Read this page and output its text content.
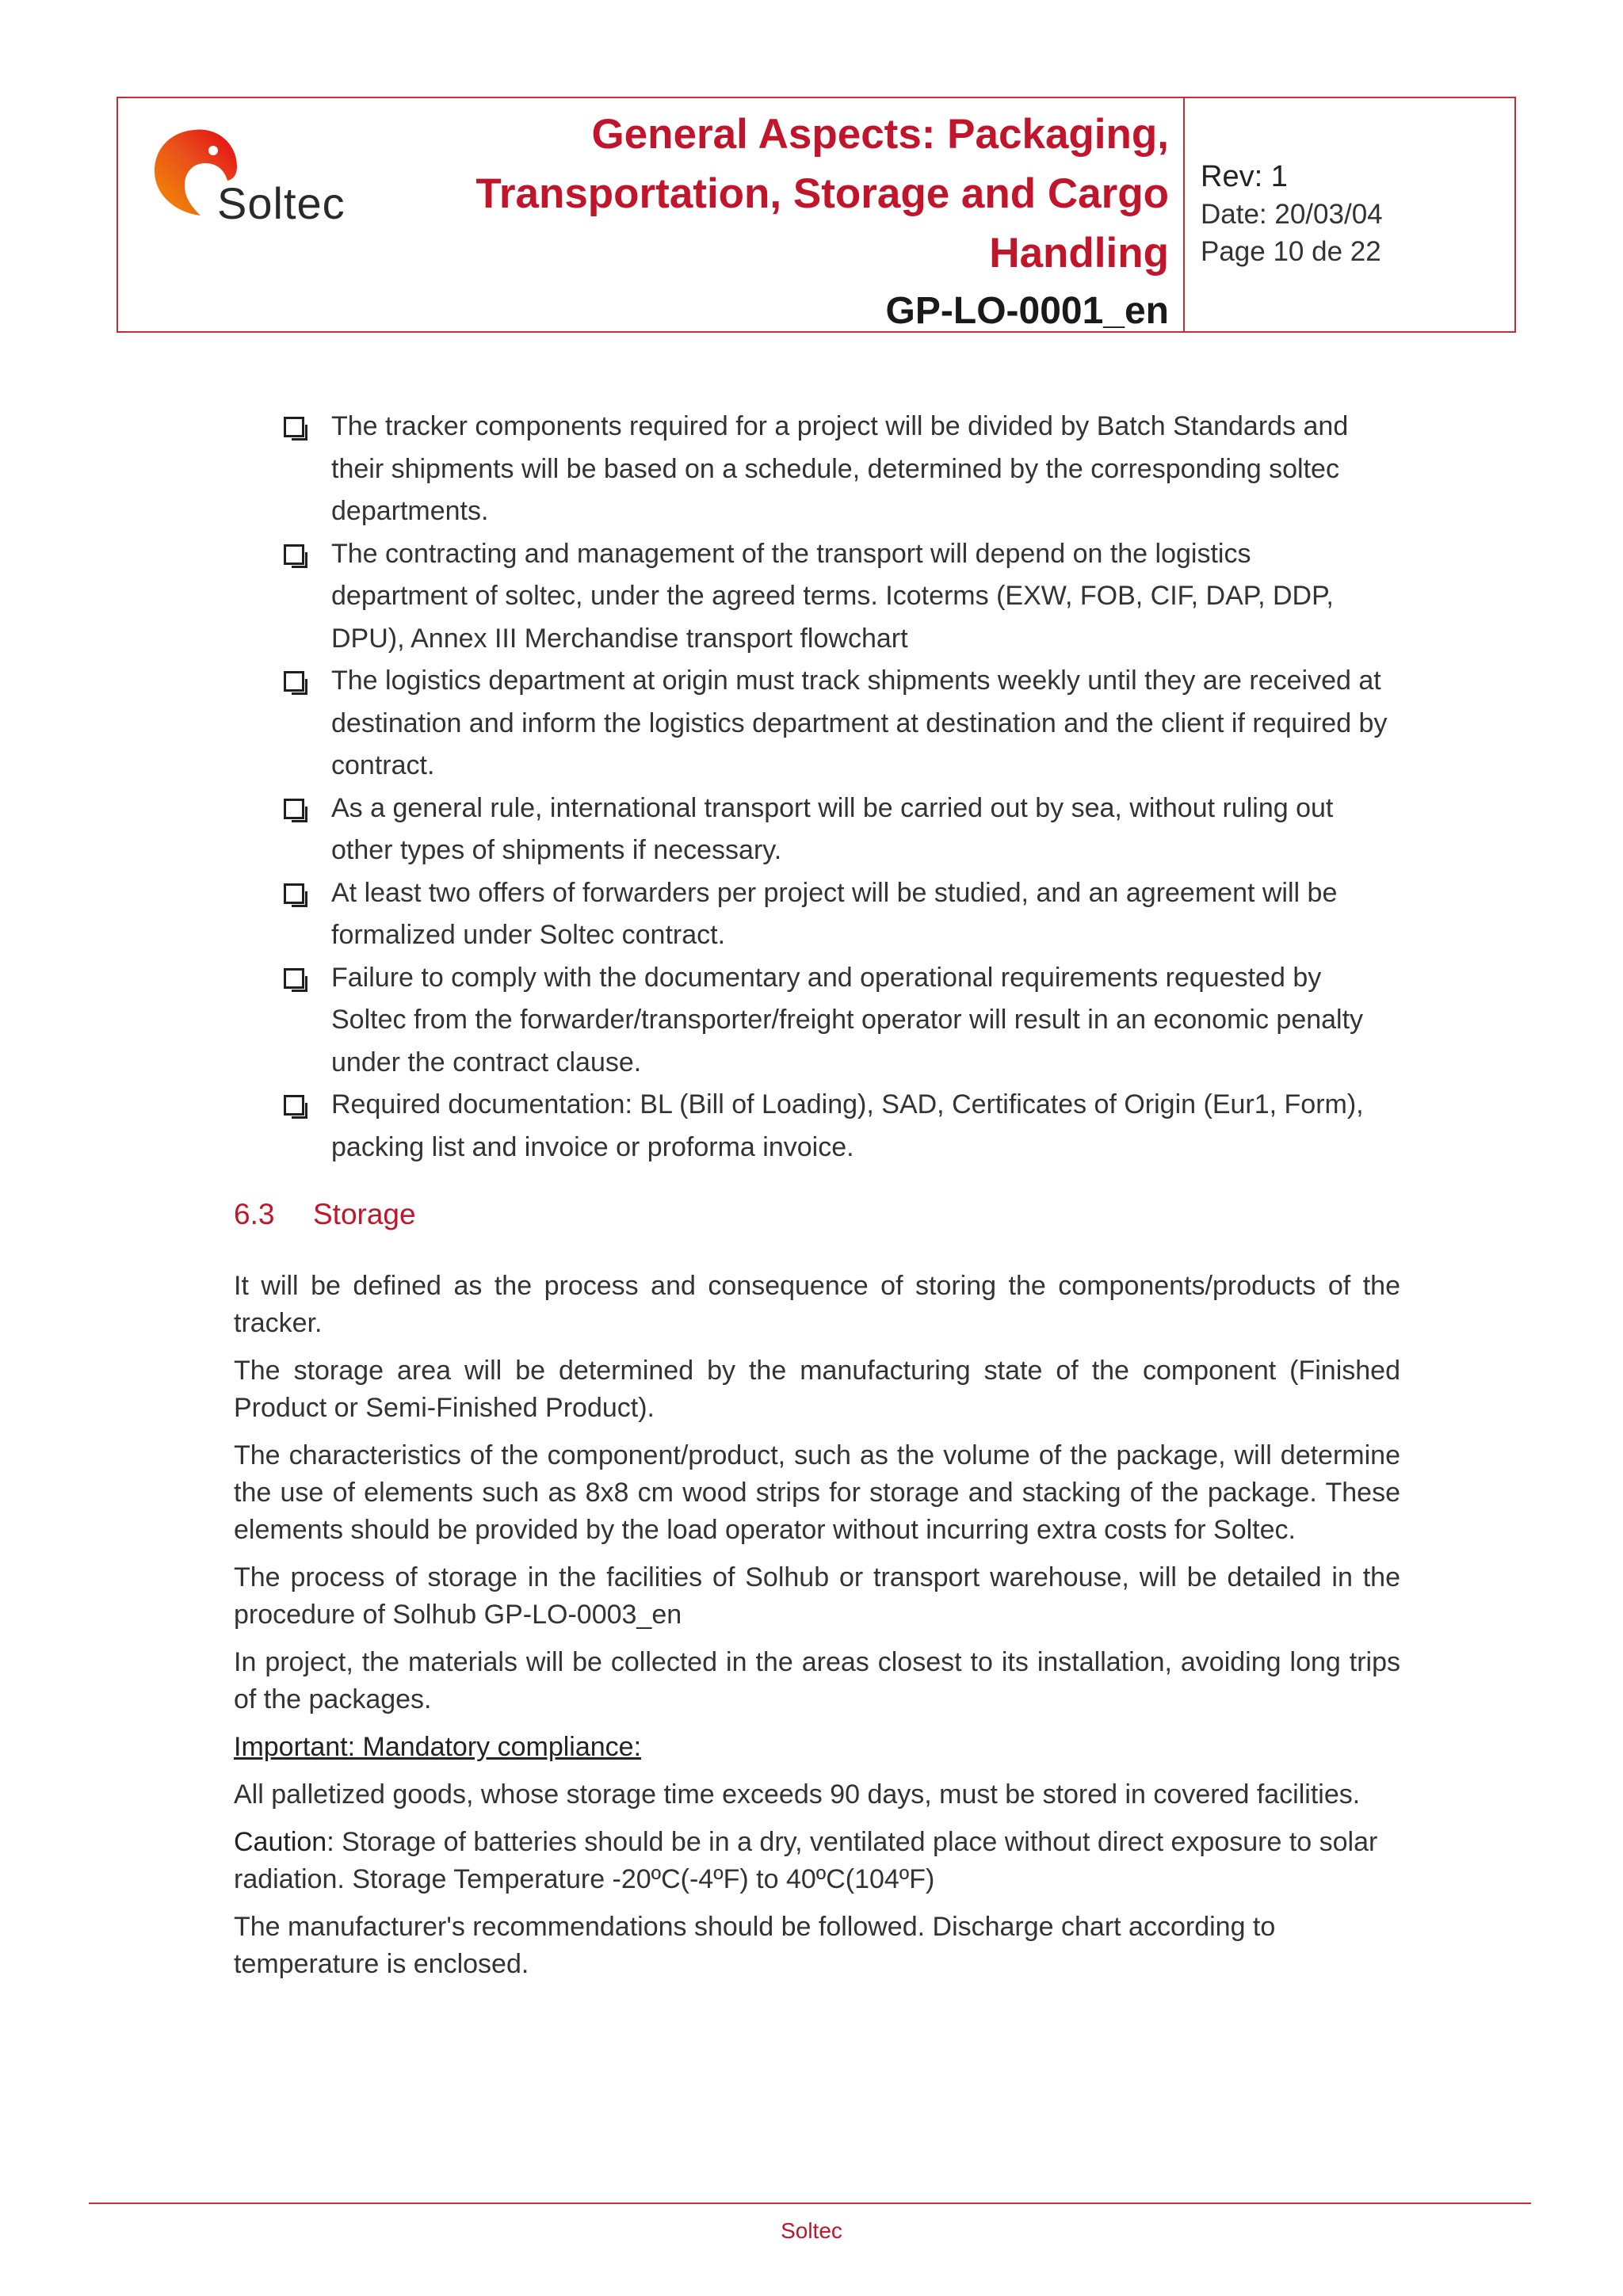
Soltec
General Aspects: Packaging,
Transportation, Storage and Cargo
Handling
GP-LO-0001_en
Rev: 1
Date: 20/03/04
Page 10 de 22
The tracker components required for a project will be divided by Batch Standards and their shipments will be based on a schedule, determined by the corresponding soltec departments.
The contracting and management of the transport will depend on the logistics department of soltec, under the agreed terms. Icoterms (EXW, FOB, CIF, DAP, DDP, DPU), Annex III Merchandise transport flowchart
The logistics department at origin must track shipments weekly until they are received at destination and inform the logistics department at destination and the client if required by contract.
As a general rule, international transport will be carried out by sea, without ruling out other types of shipments if necessary.
At least two offers of forwarders per project will be studied, and an agreement will be formalized under Soltec contract.
Failure to comply with the documentary and operational requirements requested by Soltec from the forwarder/transporter/freight operator will result in an economic penalty under the contract clause.
Required documentation: BL (Bill of Loading), SAD, Certificates of Origin (Eur1, Form), packing list and invoice or proforma invoice.
6.3 Storage

It will be defined as the process and consequence of storing the components/products of the tracker.

The storage area will be determined by the manufacturing state of the component (Finished Product or Semi-Finished Product).

The characteristics of the component/product, such as the volume of the package, will determine the use of elements such as 8x8 cm wood strips for storage and stacking of the package. These elements should be provided by the load operator without incurring extra costs for Soltec.

The process of storage in the facilities of Solhub or transport warehouse, will be detailed in the procedure of Solhub GP-LO-0003_en

In project, the materials will be collected in the areas closest to its installation, avoiding long trips of the packages.

Important: Mandatory compliance:

All palletized goods, whose storage time exceeds 90 days, must be stored in covered facilities.

Caution: Storage of batteries should be in a dry, ventilated place without direct exposure to solar radiation. Storage Temperature -20ºC(-4ºF) to 40ºC(104ºF)

The manufacturer's recommendations should be followed. Discharge chart according to temperature is enclosed.

Soltec
